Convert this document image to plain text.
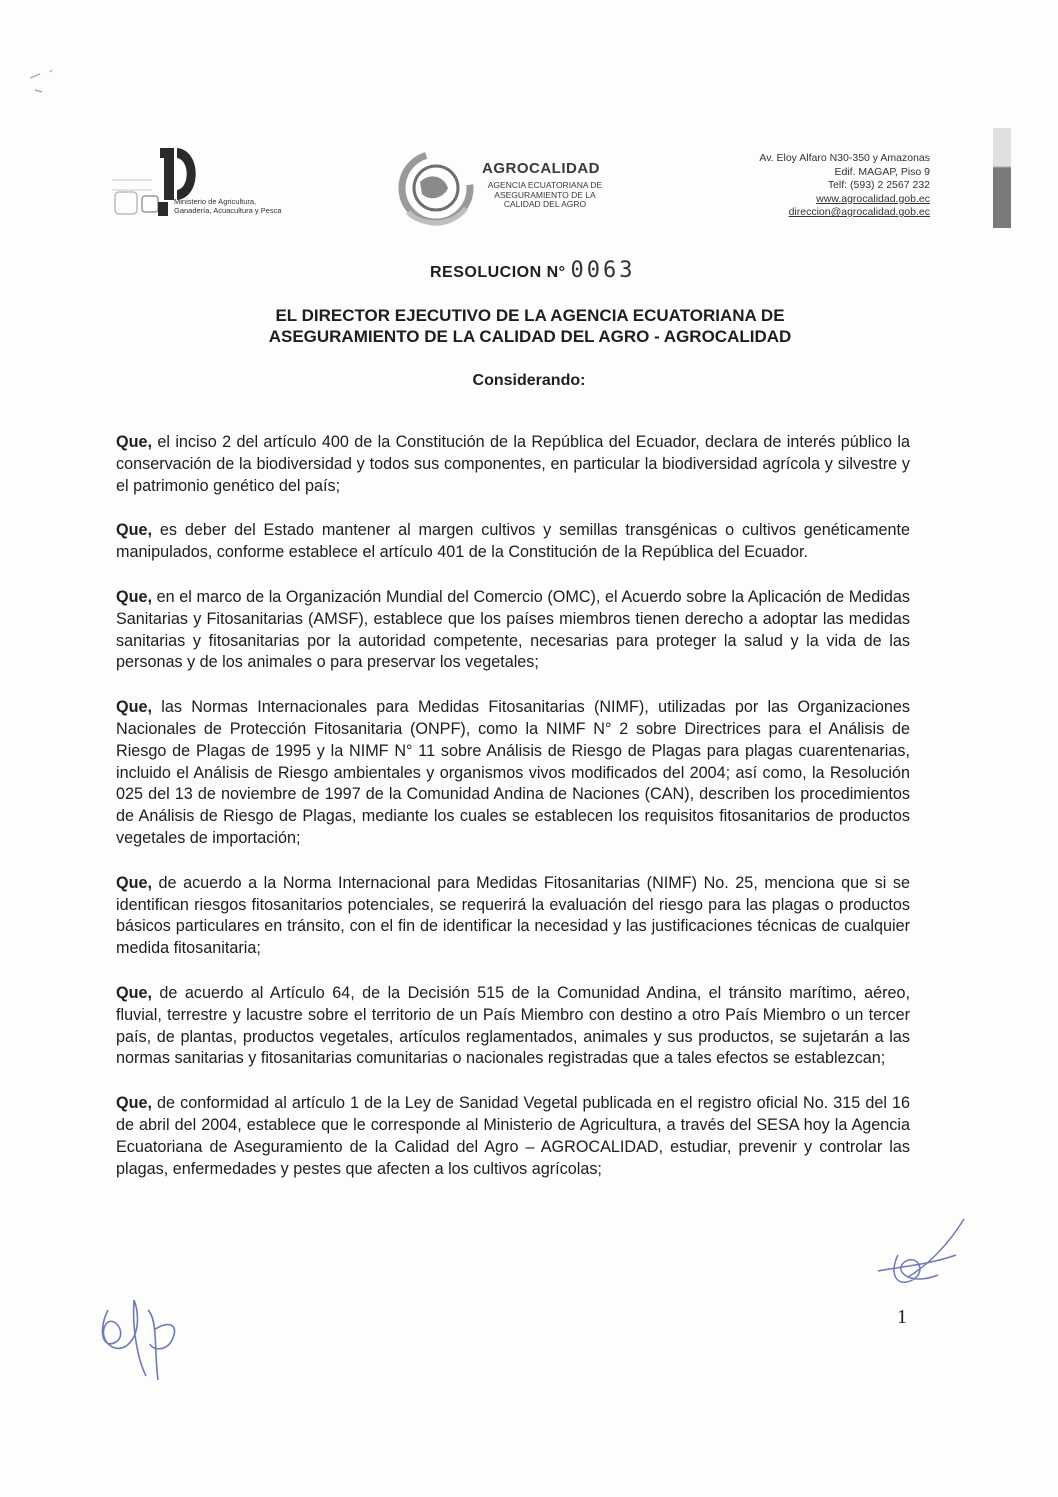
Ministerio de Agricultura, Ganadería, Acuacultura y Pesca
AGROCALIDAD
AGENCIA ECUATORIANA DE ASEGURAMIENTO DE LA CALIDAD DEL AGRO
Av. Eloy Alfaro N30-350 y Amazonas
Edif. MAGAP, Piso 9
Telf: (593) 2 2567 232
www.agrocalidad.gob.ec
direccion@agrocalidad.gob.ec
RESOLUCION N° 0063
EL DIRECTOR EJECUTIVO DE LA AGENCIA ECUATORIANA DE
ASEGURAMIENTO DE LA CALIDAD DEL AGRO - AGROCALIDAD
Considerando:

Que, el inciso 2 del artículo 400 de la Constitución de la República del Ecuador, declara de interés público la conservación de la biodiversidad y todos sus componentes, en particular la biodiversidad agrícola y silvestre y el patrimonio genético del país;

Que, es deber del Estado mantener al margen cultivos y semillas transgénicas o cultivos genéticamente manipulados, conforme establece el artículo 401 de la Constitución de la República del Ecuador.

Que, en el marco de la Organización Mundial del Comercio (OMC), el Acuerdo sobre la Aplicación de Medidas Sanitarias y Fitosanitarias (AMSF), establece que los países miembros tienen derecho a adoptar las medidas sanitarias y fitosanitarias por la autoridad competente, necesarias para proteger la salud y la vida de las personas y de los animales o para preservar los vegetales;

Que, las Normas Internacionales para Medidas Fitosanitarias (NIMF), utilizadas por las Organizaciones Nacionales de Protección Fitosanitaria (ONPF), como la NIMF N° 2 sobre Directrices para el Análisis de Riesgo de Plagas de 1995 y la NIMF N° 11 sobre Análisis de Riesgo de Plagas para plagas cuarentenarias, incluido el Análisis de Riesgo ambientales y organismos vivos modificados del 2004; así como, la Resolución 025 del 13 de noviembre de 1997 de la Comunidad Andina de Naciones (CAN), describen los procedimientos de Análisis de Riesgo de Plagas, mediante los cuales se establecen los requisitos fitosanitarios de productos vegetales de importación;

Que, de acuerdo a la Norma Internacional para Medidas Fitosanitarias (NIMF) No. 25, menciona que si se identifican riesgos fitosanitarios potenciales, se requerirá la evaluación del riesgo para las plagas o productos básicos particulares en tránsito, con el fin de identificar la necesidad y las justificaciones técnicas de cualquier medida fitosanitaria;

Que, de acuerdo al Artículo 64, de la Decisión 515 de la Comunidad Andina, el tránsito marítimo, aéreo, fluvial, terrestre y lacustre sobre el territorio de un País Miembro con destino a otro País Miembro o un tercer país, de plantas, productos vegetales, artículos reglamentados, animales y sus productos, se sujetarán a las normas sanitarias y fitosanitarias comunitarias o nacionales registradas que a tales efectos se establezcan;

Que, de conformidad al artículo 1 de la Ley de Sanidad Vegetal publicada en el registro oficial No. 315 del 16 de abril del 2004, establece que le corresponde al Ministerio de Agricultura, a través del SESA hoy la Agencia Ecuatoriana de Aseguramiento de la Calidad del Agro – AGROCALIDAD, estudiar, prevenir y controlar las plagas, enfermedades y pestes que afecten a los cultivos agrícolas;

1
